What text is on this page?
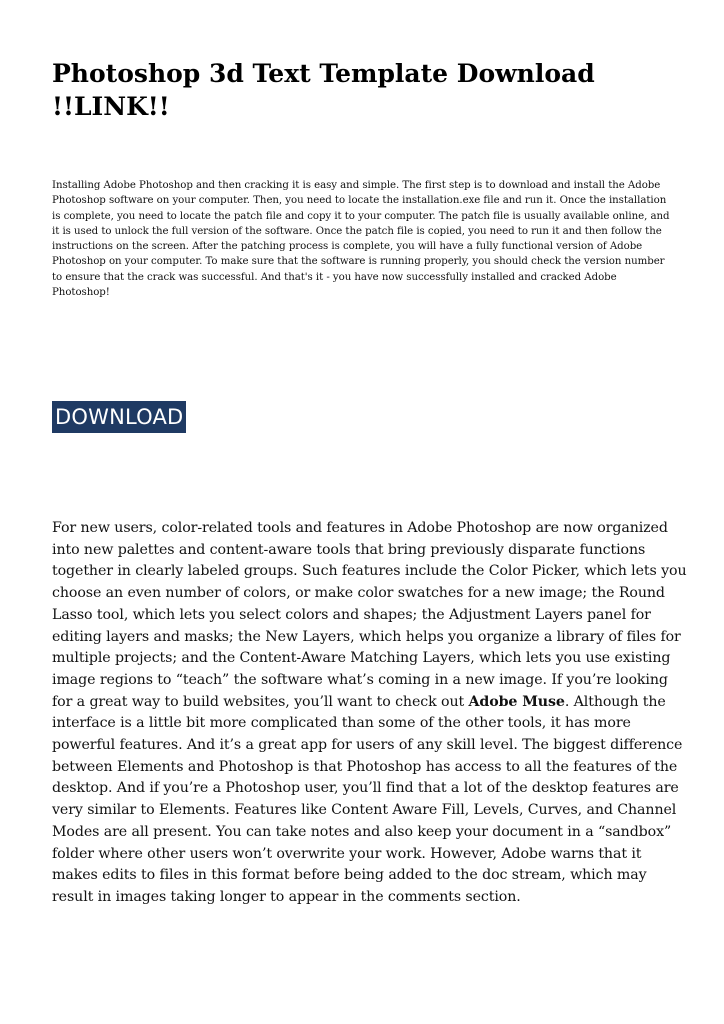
Photoshop 3d Text Template Download !!LINK!!

Installing Adobe Photoshop and then cracking it is easy and simple. The first step is to download and install the Adobe Photoshop software on your computer. Then, you need to locate the installation.exe file and run it. Once the installation is complete, you need to locate the patch file and copy it to your computer. The patch file is usually available online, and it is used to unlock the full version of the software. Once the patch file is copied, you need to run it and then follow the instructions on the screen. After the patching process is complete, you will have a fully functional version of Adobe Photoshop on your computer. To make sure that the software is running properly, you should check the version number to ensure that the crack was successful. And that's it - you have now successfully installed and cracked Adobe Photoshop!

DOWNLOAD

For new users, color-related tools and features in Adobe Photoshop are now organized into new palettes and content-aware tools that bring previously disparate functions together in clearly labeled groups. Such features include the Color Picker, which lets you choose an even number of colors, or make color swatches for a new image; the Round Lasso tool, which lets you select colors and shapes; the Adjustment Layers panel for editing layers and masks; the New Layers, which helps you organize a library of files for multiple projects; and the Content-Aware Matching Layers, which lets you use existing image regions to “teach” the software what’s coming in a new image. If you’re looking for a great way to build websites, you’ll want to check out Adobe Muse. Although the interface is a little bit more complicated than some of the other tools, it has more powerful features. And it’s a great app for users of any skill level. The biggest difference between Elements and Photoshop is that Photoshop has access to all the features of the desktop. And if you’re a Photoshop user, you’ll find that a lot of the desktop features are very similar to Elements. Features like Content Aware Fill, Levels, Curves, and Channel Modes are all present. You can take notes and also keep your document in a “sandbox” folder where other users won’t overwrite your work. However, Adobe warns that it makes edits to files in this format before being added to the doc stream, which may result in images taking longer to appear in the comments section.
